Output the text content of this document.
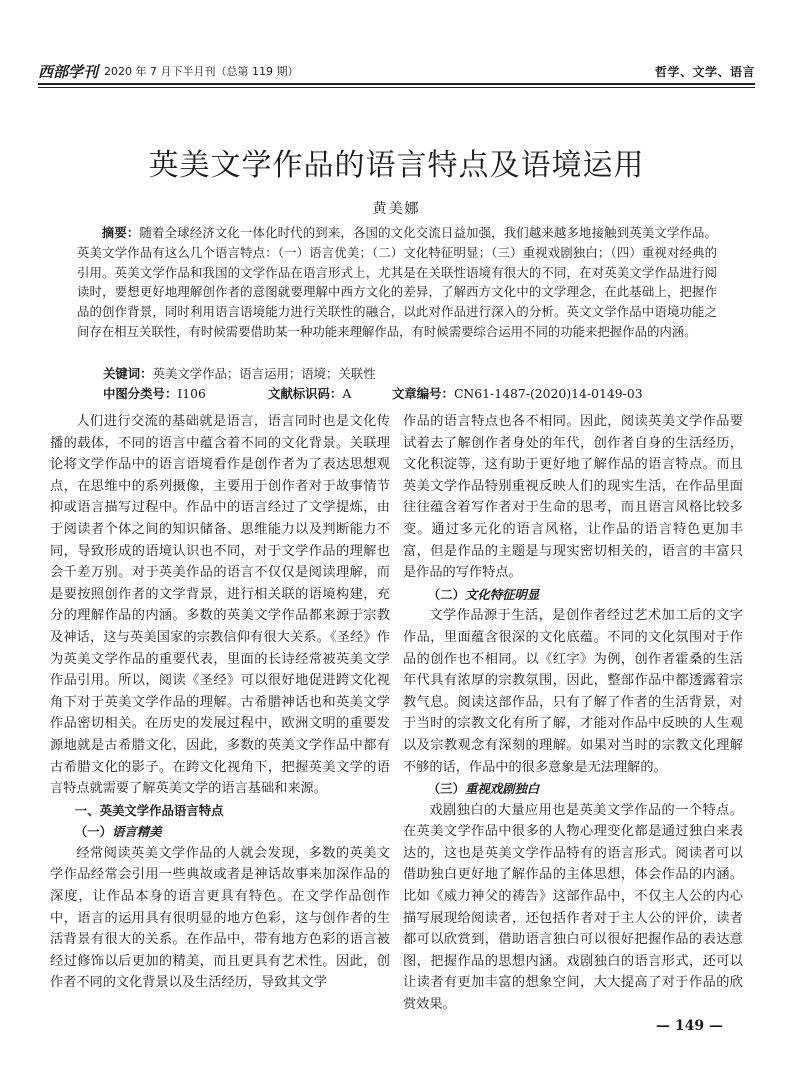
西部学刊 2020 年 7 月下半月刊（总第 119 期）	哲学、文学、语言
英美文学作品的语言特点及语境运用
黄美娜
摘要：随着全球经济文化一体化时代的到来，各国的文化交流日益加强，我们越来越多地接触到英美文学作品。英美文学作品有这么几个语言特点：（一）语言优美；（二）文化特征明显；（三）重视戏剧独白；（四）重视对经典的引用。英美文学作品和我国的文学作品在语言形式上，尤其是在关联性语境有很大的不同，在对英美文学作品进行阅读时，要想更好地理解创作者的意图就要理解中西方文化的差异，了解西方文化中的文学理念，在此基础上，把握作品的创作背景，同时利用语言语境能力进行关联性的融合，以此对作品进行深入的分析。英文文学作品中语境功能之间存在相互关联性，有时候需要借助某一种功能来理解作品，有时候需要综合运用不同的功能来把握作品的内涵。
关键词：英美文学作品；语言运用；语境；关联性
中图分类号：I106	文献标识码：A	文章编号：CN61-1487-(2020)14-0149-03

人们进行交流的基础就是语言，语言同时也是文化传播的载体，不同的语言中蕴含着不同的文化背景。关联理论将文学作品中的语言语境看作是创作者为了表达思想观点，在思维中的系列摄像，主要用于创作者对于故事情节抑或语言描写过程中。作品中的语言经过了文学提炼，由于阅读者个体之间的知识储备、思维能力以及判断能力不同，导致形成的语境认识也不同，对于文学作品的理解也会千差万别。对于英美作品的语言不仅仅是阅读理解，而是要按照创作者的文学背景，进行相关联的语境构建，充分的理解作品的内涵。多数的英美文学作品都来源于宗教及神话，这与英美国家的宗教信仰有很大关系。《圣经》作为英美文学作品的重要代表，里面的长诗经常被英美文学作品引用。所以，阅读《圣经》可以很好地促进跨文化视角下对于英美文学作品的理解。古希腊神话也和英美文学作品密切相关。在历史的发展过程中，欧洲文明的重要发源地就是古希腊文化，因此，多数的英美文学作品中都有古希腊文化的影子。在跨文化视角下，把握英美文学的语言特点就需要了解英美文学的语言基础和来源。

一、英美文学作品语言特点
（一）语言精美

经常阅读英美文学作品的人就会发现，多数的英美文学作品经常会引用一些典故或者是神话故事来加深作品的深度，让作品本身的语言更具有特色。在文学作品创作中，语言的运用具有很明显的地方色彩，这与创作者的生活背景有很大的关系。在作品中，带有地方色彩的语言被经过修饰以后更加的精美，而且更具有艺术性。因此，创作者不同的文化背景以及生活经历，导致其文学

作品的语言特点也各不相同。因此，阅读英美文学作品要试着去了解创作者身处的年代，创作者自身的生活经历，文化积淀等，这有助于更好地了解作品的语言特点。而且英美文学作品特别重视反映人们的现实生活，在作品里面往往蕴含着写作者对于生命的思考，而且语言风格比较多变。通过多元化的语言风格，让作品的语言特色更加丰富，但是作品的主题是与现实密切相关的，语言的丰富只是作品的写作特点。

（二）文化特征明显

文学作品源于生活，是创作者经过艺术加工后的文字作品，里面蕴含很深的文化底蕴。不同的文化氛围对于作品的创作也不相同。以《红字》为例，创作者霍桑的生活年代具有浓厚的宗教氛围，因此，整部作品中都透露着宗教气息。阅读这部作品，只有了解了作者的生活背景，对于当时的宗教文化有所了解，才能对作品中反映的人生观以及宗教观念有深刻的理解。如果对当时的宗教文化理解不够的话，作品中的很多意象是无法理解的。

（三）重视戏剧独白

戏剧独白的大量应用也是英美文学作品的一个特点。在英美文学作品中很多的人物心理变化都是通过独白来表达的，这也是英美文学作品特有的语言形式。阅读者可以借助独白更好地了解作品的主体思想，体会作品的内涵。比如《威力神父的祷告》这部作品中，不仅主人公的内心描写展现给阅读者，还包括作者对于主人公的评价，读者都可以欣赏到，借助语言独白可以很好把握作品的表达意图，把握作品的思想内涵。戏剧独白的语言形式，还可以让读者有更加丰富的想象空间，大大提高了对于作品的欣赏效果。

— 149 —
